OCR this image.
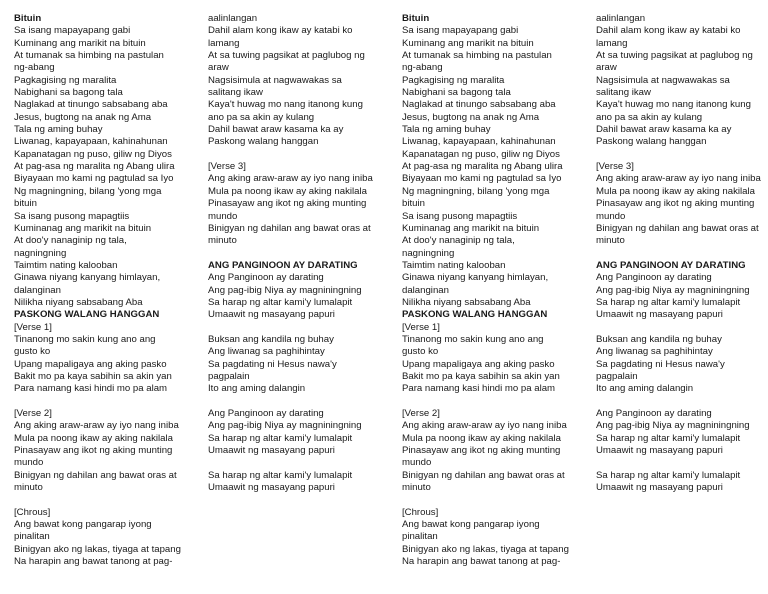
Bituin
Sa isang mapayapang gabi
Kuminang ang marikit na bituin
At tumanak sa himbing na pastulan
ng-abang
Pagkagising ng maralita
Nabighani sa bagong tala
Naglakad at tinungo sabsabang aba
Jesus, bugtong na anak ng Ama
Tala ng aming buhay
Liwanag, kapayapaan, kahinahunan
Kapanatagan ng puso, giliw ng Diyos
At pag-asa ng maralita ng Abang ulira
Biyayaan mo kami ng pagtulad sa Iyo
Ng magningning, bilang 'yong mga
bituin
Sa isang pusong mapagtiis
Kuminanag ang marikit na bituin
At doo'y nanaginip ng tala,
nagningning
Taimtim nating kalooban
Ginawa niyang kanyang himlayan,
dalanginan
Nilikha niyang sabsabang Aba
PASKONG WALANG HANGGAN
[Verse 1]
Tinanong mo sakin kung ano ang
gusto ko
Upang mapaligaya ang aking pasko
Bakit mo pa kaya sabihin sa akin yan
Para namang kasi hindi mo pa alam
[Verse 2]
Ang aking araw-araw ay iyo nang iniba
Mula pa noong ikaw ay aking nakilala
Pinasayaw ang ikot ng aking munting
mundo
Binigyan ng dahilan ang bawat oras at
minuto
[Chrous]
Ang bawat kong pangarap iyong
pinalitan
Binigyan ako ng lakas, tiyaga at tapang
Na harapin ang bawat tanong at pag-
aalinlangan
Dahil alam kong ikaw ay katabi ko
lamang
At sa tuwing pagsikat at paglubog ng
araw
Nagsisimula at nagwawakas sa
salitang ikaw
Kaya't huwag mo nang itanong kung
ano pa sa akin ay kulang
Dahil bawat araw kasama ka ay
Paskong walang hanggan
[Verse 3]
Ang aking araw-araw ay iyo nang iniba
Mula pa noong ikaw ay aking nakilala
Pinasayaw ang ikot ng aking munting
mundo
Binigyan ng dahilan ang bawat oras at
minuto
ANG PANGINOON AY DARATING
Ang Panginoon ay darating
Ang pag-ibig Niya ay magniningning
Sa harap ng altar kami'y lumalapit
Umaawit ng masayang papuri
Buksan ang kandila ng buhay
Ang liwanag sa paghihintay
Sa pagdating ni Hesus nawa'y
pagpalain
Ito ang aming dalangin
Ang Panginoon ay darating
Ang pag-ibig Niya ay magniningning
Sa harap ng altar kami'y lumalapit
Umaawit ng masayang papuri
Sa harap ng altar kami'y lumalapit
Umaawit ng masayang papuri
Bituin
Sa isang mapayapang gabi
Kuminang ang marikit na bituin
At tumanak sa himbing na pastulan
ng-abang
Pagkagising ng maralita
Nabighani sa bagong tala
Naglakad at tinungo sabsabang aba
Jesus, bugtong na anak ng Ama
Tala ng aming buhay
Liwanag, kapayapaan, kahinahunan
Kapanatagan ng puso, giliw ng Diyos
At pag-asa ng maralita ng Abang ulira
Biyayaan mo kami ng pagtulad sa Iyo
Ng magningning, bilang 'yong mga
bituin
Sa isang pusong mapagtiis
Kuminanag ang marikit na bituin
At doo'y nanaginip ng tala,
nagningning
Taimtim nating kalooban
Ginawa niyang kanyang himlayan,
dalanginan
Nilikha niyang sabsabang Aba
PASKONG WALANG HANGGAN
[Verse 1]
Tinanong mo sakin kung ano ang
gusto ko
Upang mapaligaya ang aking pasko
Bakit mo pa kaya sabihin sa akin yan
Para namang kasi hindi mo pa alam
[Verse 2]
Ang aking araw-araw ay iyo nang iniba
Mula pa noong ikaw ay aking nakilala
Pinasayaw ang ikot ng aking munting
mundo
Binigyan ng dahilan ang bawat oras at
minuto
[Chrous]
Ang bawat kong pangarap iyong
pinalitan
Binigyan ako ng lakas, tiyaga at tapang
Na harapin ang bawat tanong at pag-
aalinlangan
Dahil alam kong ikaw ay katabi ko
lamang
At sa tuwing pagsikat at paglubog ng
araw
Nagsisimula at nagwawakas sa
salitang ikaw
Kaya't huwag mo nang itanong kung
ano pa sa akin ay kulang
Dahil bawat araw kasama ka ay
Paskong walang hanggan
[Verse 3]
Ang aking araw-araw ay iyo nang iniba
Mula pa noong ikaw ay aking nakilala
Pinasayaw ang ikot ng aking munting
mundo
Binigyan ng dahilan ang bawat oras at
minuto
ANG PANGINOON AY DARATING
Ang Panginoon ay darating
Ang pag-ibig Niya ay magniningning
Sa harap ng altar kami'y lumalapit
Umaawit ng masayang papuri
Buksan ang kandila ng buhay
Ang liwanag sa paghihintay
Sa pagdating ni Hesus nawa'y
pagpalain
Ito ang aming dalangin
Ang Panginoon ay darating
Ang pag-ibig Niya ay magniningning
Sa harap ng altar kami'y lumalapit
Umaawit ng masayang papuri
Sa harap ng altar kami'y lumalapit
Umaawit ng masayang papuri
